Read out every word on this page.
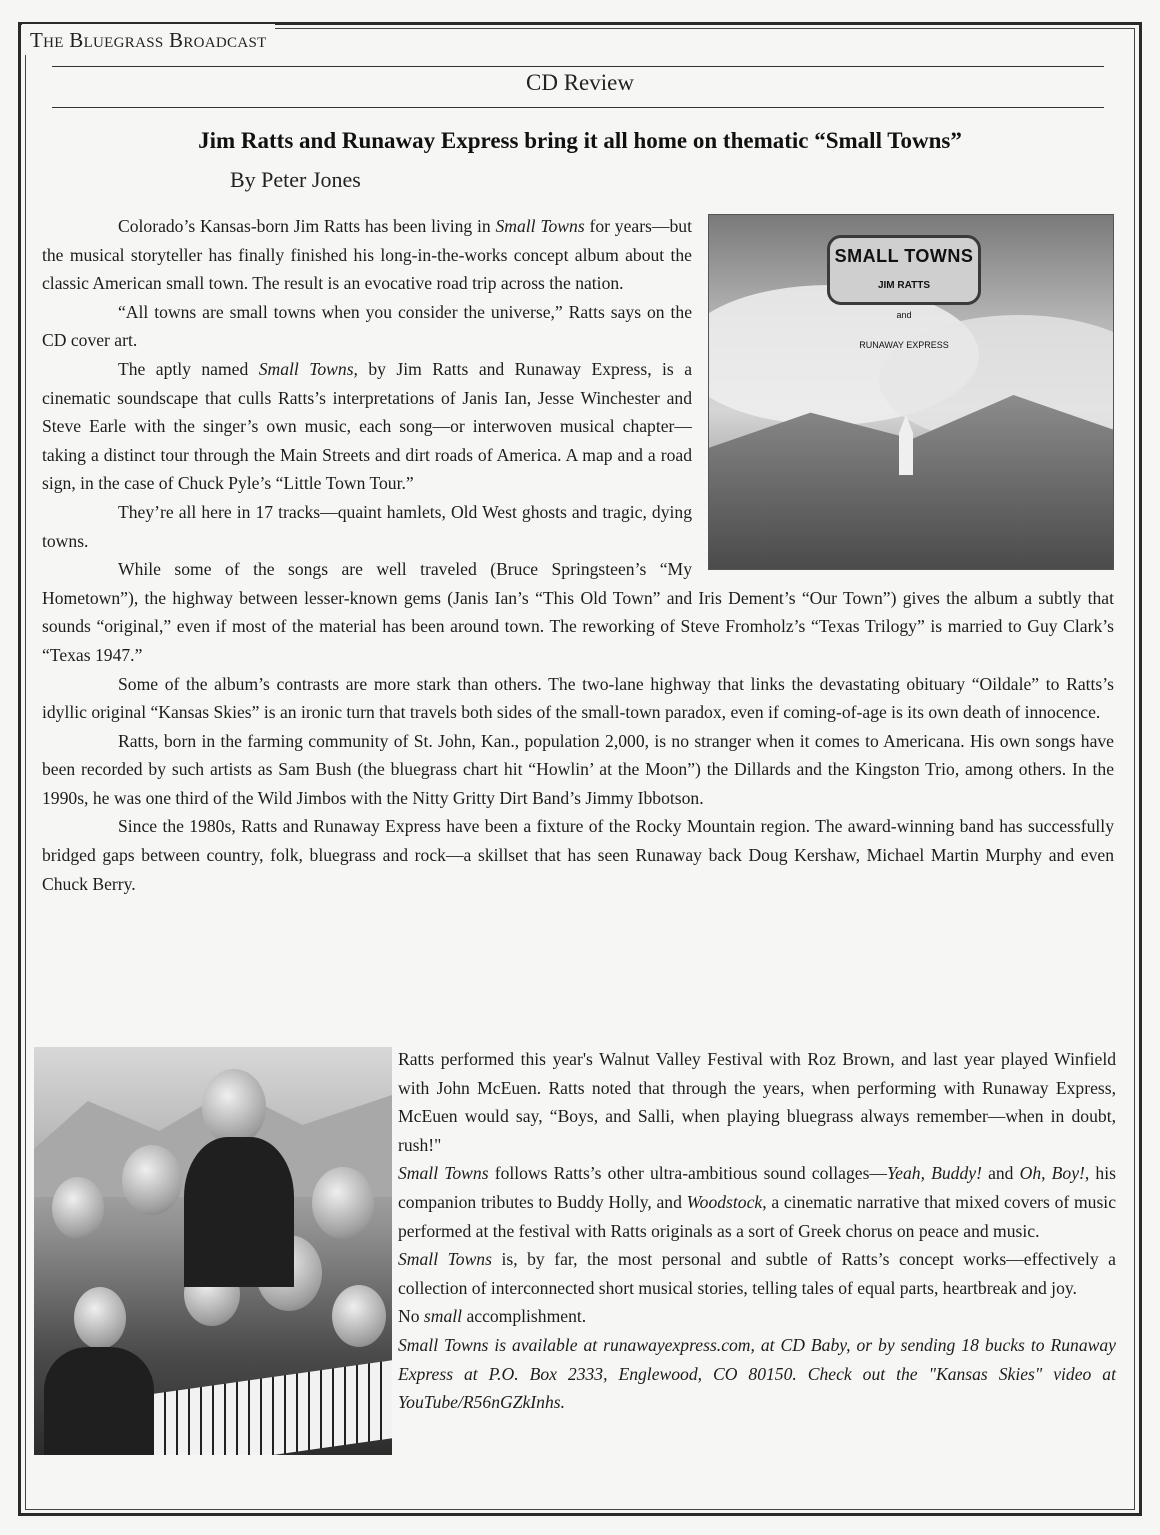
The Bluegrass Broadcast
CD Review
Jim Ratts and Runaway Express bring it all home on thematic “Small Towns”
By Peter Jones
SMALL TOWNS
JIM RATTS
and
RUNAWAY EXPRESS

Colorado’s Kansas-born Jim Ratts has been living in Small Towns for years—but the musical storyteller has finally finished his long-in-the-works concept album about the classic American small town. The result is an evocative road trip across the nation.

“All towns are small towns when you consider the universe,” Ratts says on the CD cover art.

The aptly named Small Towns, by Jim Ratts and Runaway Express, is a cinematic soundscape that culls Ratts’s interpretations of Janis Ian, Jesse Winchester and Steve Earle with the singer’s own music, each song—or interwoven musical chapter—taking a distinct tour through the Main Streets and dirt roads of America. A map and a road sign, in the case of Chuck Pyle’s “Little Town Tour.”

They’re all here in 17 tracks—quaint hamlets, Old West ghosts and tragic, dying towns.

While some of the songs are well traveled (Bruce Springsteen’s “My Hometown”), the highway between lesser-known gems (Janis Ian’s “This Old Town” and Iris Dement’s “Our Town”) gives the album a subtly that sounds “original,” even if most of the material has been around town. The reworking of Steve Fromholz’s “Texas Trilogy” is married to Guy Clark’s “Texas 1947.”

Some of the album’s contrasts are more stark than others. The two-lane highway that links the devastating obituary “Oildale” to Ratts’s idyllic original “Kansas Skies” is an ironic turn that travels both sides of the small-town paradox, even if coming-of-age is its own death of innocence.

Ratts, born in the farming community of St. John, Kan., population 2,000, is no stranger when it comes to Americana. His own songs have been recorded by such artists as Sam Bush (the bluegrass chart hit “Howlin’ at the Moon”) the Dillards and the Kingston Trio, among others. In the 1990s, he was one third of the Wild Jimbos with the Nitty Gritty Dirt Band’s Jimmy Ibbotson.

Since the 1980s, Ratts and Runaway Express have been a fixture of the Rocky Mountain region. The award-winning band has successfully bridged gaps between country, folk, bluegrass and rock—a skillset that has seen Runaway back Doug Kershaw, Michael Martin Murphy and even Chuck Berry.

Ratts performed this year's Walnut Valley Festival with Roz Brown, and last year played Winfield with John McEuen. Ratts noted that through the years, when performing with Runaway Express, McEuen would say, “Boys, and Salli, when playing bluegrass always remember—when in doubt, rush!"

Small Towns follows Ratts’s other ultra-ambitious sound collages—Yeah, Buddy! and Oh, Boy!, his companion tributes to Buddy Holly, and Woodstock, a cinematic narrative that mixed covers of music performed at the festival with Ratts originals as a sort of Greek chorus on peace and music.

Small Towns is, by far, the most personal and subtle of Ratts’s concept works—effectively a collection of interconnected short musical stories, telling tales of equal parts, heartbreak and joy.

No small accomplishment.

Small Towns is available at runawayexpress.com, at CD Baby, or by sending 18 bucks to Runaway Express at P.O. Box 2333, Englewood, CO 80150. Check out the "Kansas Skies" video at YouTube/R56nGZkInhs.
